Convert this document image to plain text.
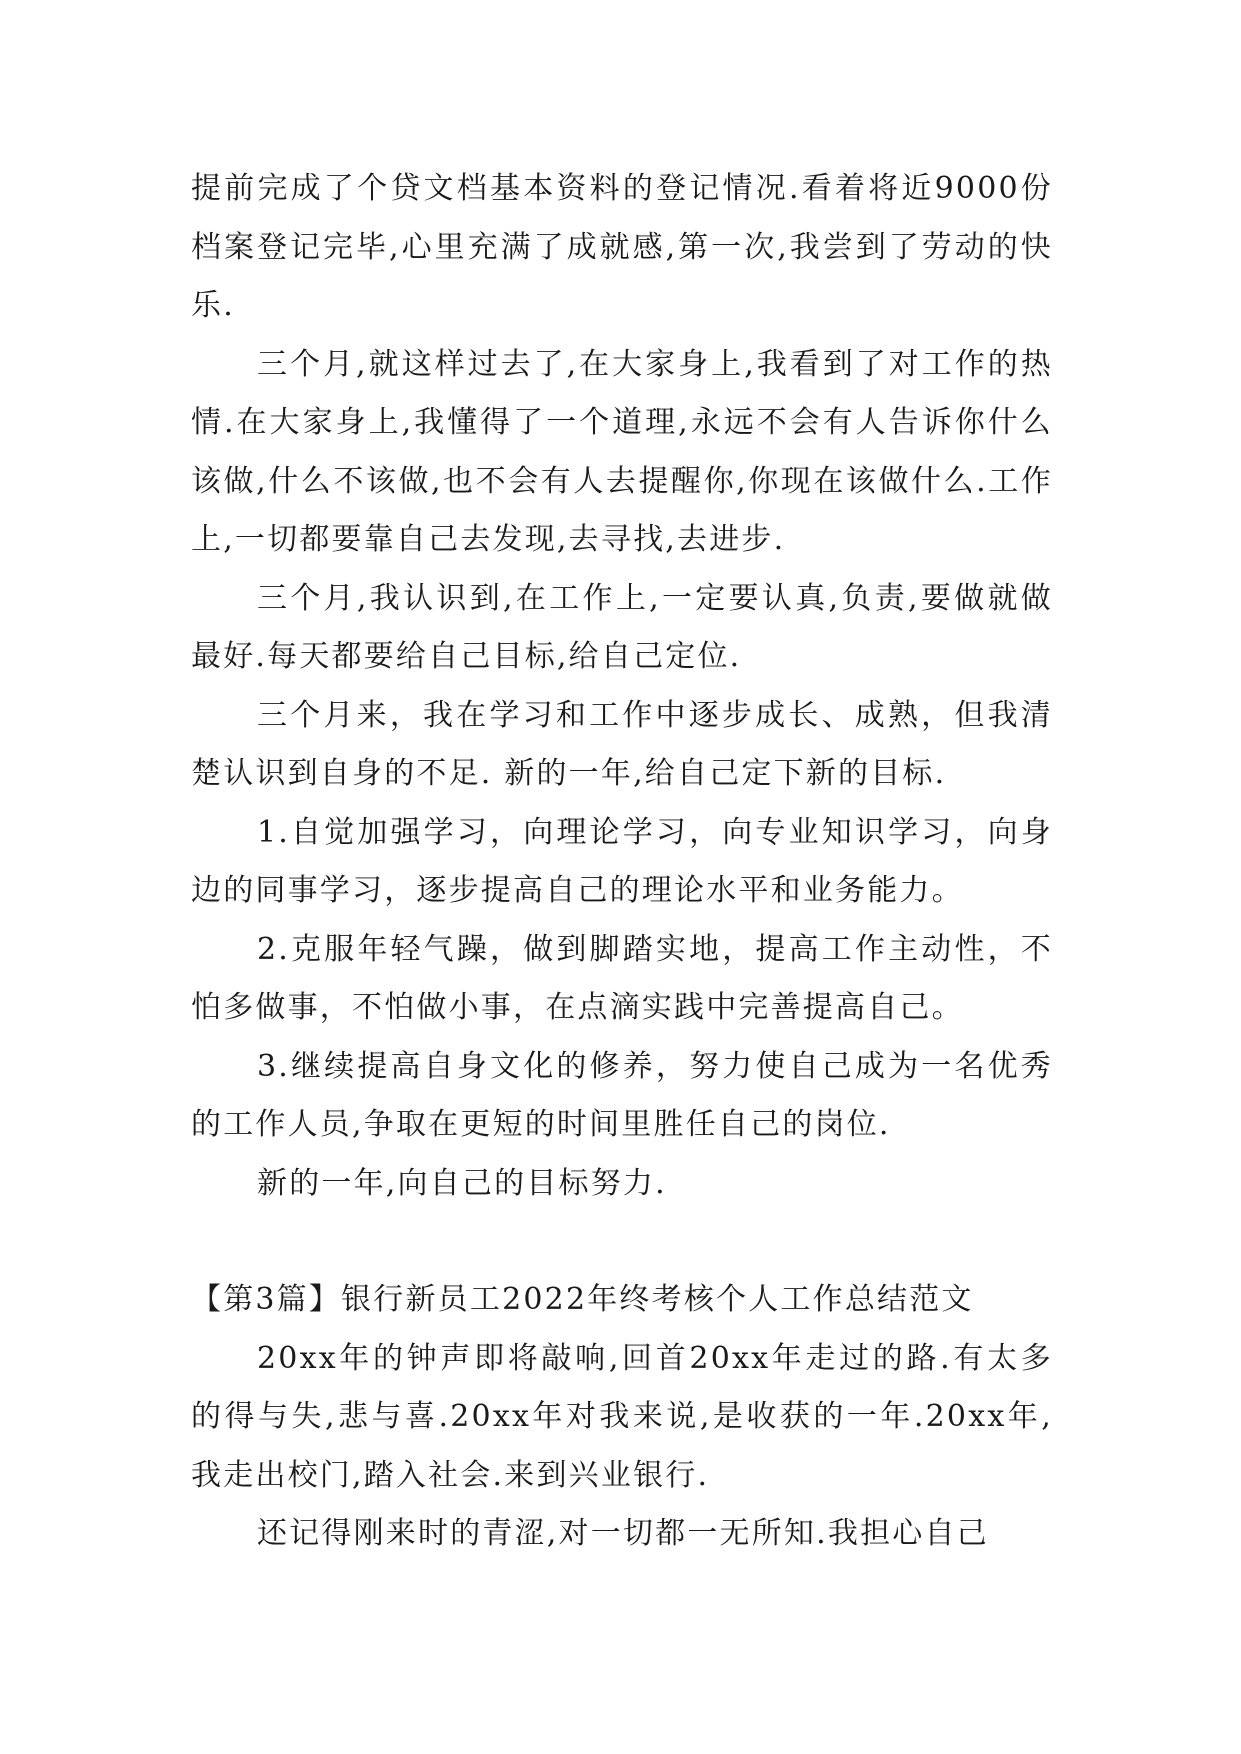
提前完成了个贷文档基本资料的登记情况.看着将近9000份档案登记完毕,心里充满了成就感,第一次,我尝到了劳动的快乐.

三个月,就这样过去了,在大家身上,我看到了对工作的热情.在大家身上,我懂得了一个道理,永远不会有人告诉你什么该做,什么不该做,也不会有人去提醒你,你现在该做什么.工作上,一切都要靠自己去发现,去寻找,去进步.

三个月,我认识到,在工作上,一定要认真,负责,要做就做最好.每天都要给自己目标,给自己定位.

三个月来，我在学习和工作中逐步成长、成熟，但我清楚认识到自身的不足. 新的一年,给自己定下新的目标.

1.自觉加强学习，向理论学习，向专业知识学习，向身边的同事学习，逐步提高自己的理论水平和业务能力。

2.克服年轻气躁，做到脚踏实地，提高工作主动性，不怕多做事，不怕做小事，在点滴实践中完善提高自己。

3.继续提高自身文化的修养，努力使自己成为一名优秀的工作人员,争取在更短的时间里胜任自己的岗位.

新的一年,向自己的目标努力.

【第3篇】银行新员工2022年终考核个人工作总结范文

20xx年的钟声即将敲响,回首20xx年走过的路.有太多的得与失,悲与喜.20xx年对我来说,是收获的一年.20xx年,我走出校门,踏入社会.来到兴业银行.

还记得刚来时的青涩,对一切都一无所知.我担心自己
